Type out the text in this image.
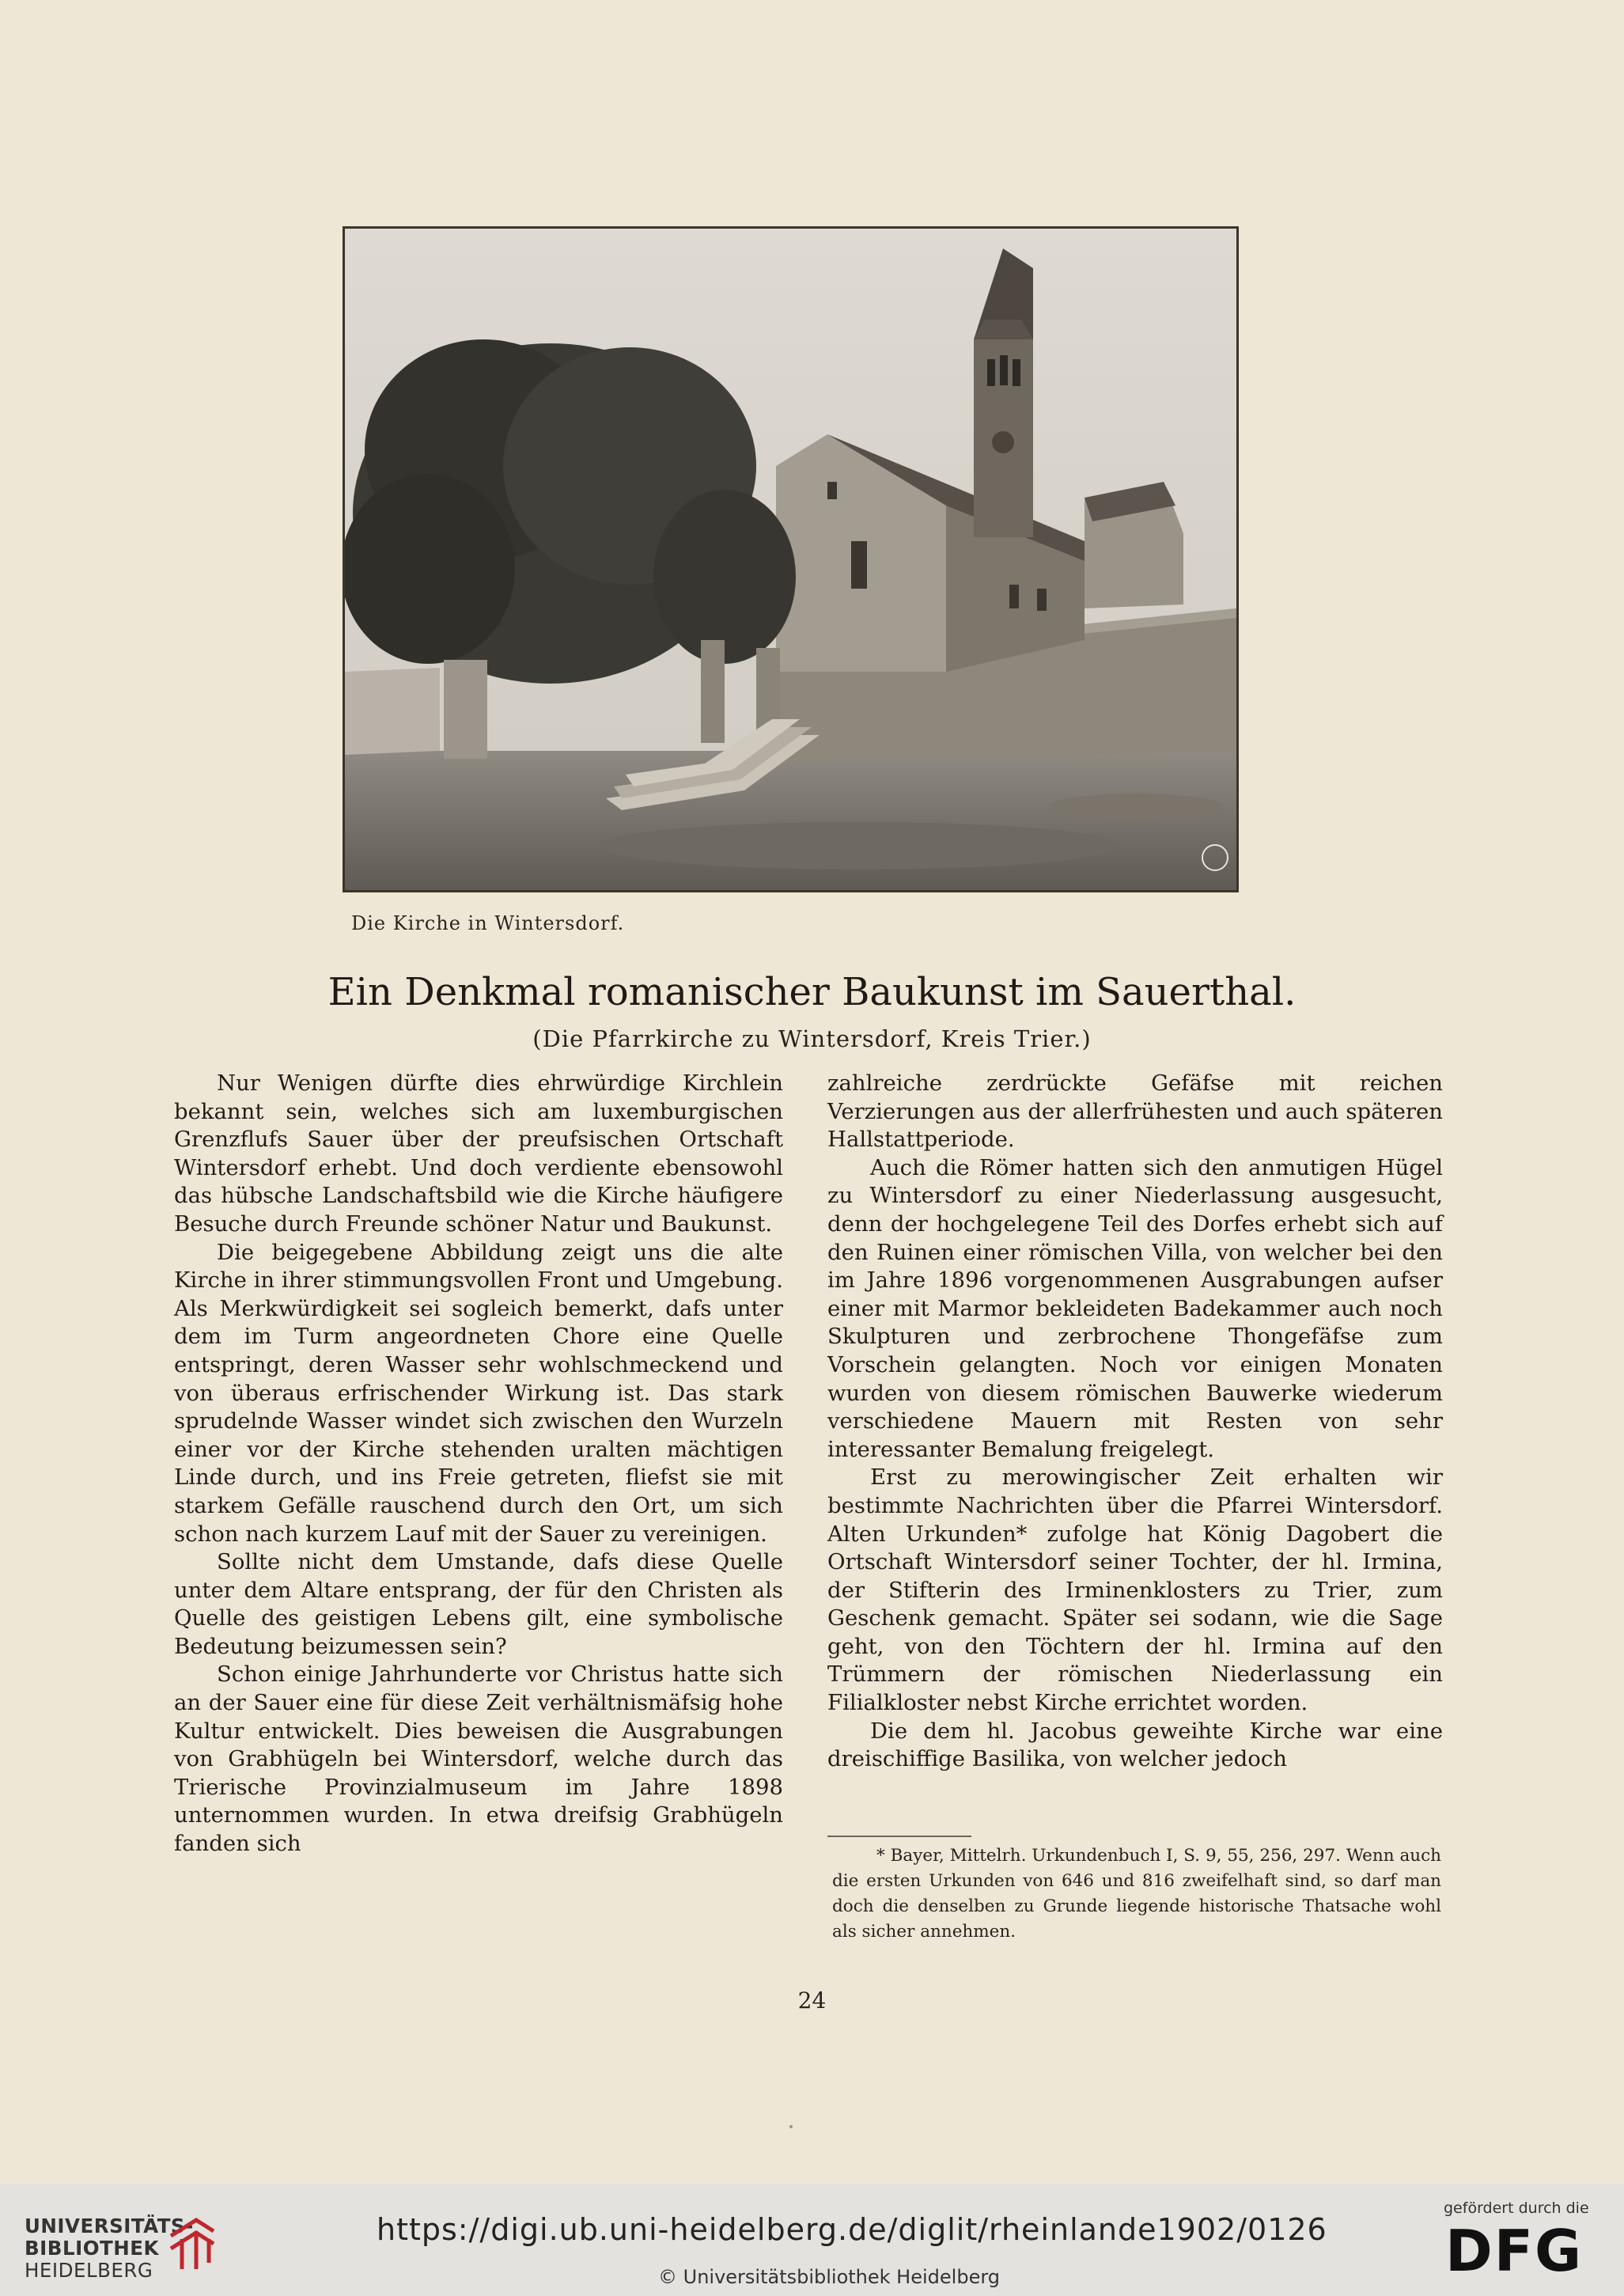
Die Kirche in Wintersdorf.
Ein Denkmal romanischer Baukunst im Sauerthal.
(Die Pfarrkirche zu Wintersdorf, Kreis Trier.)

Nur Wenigen dürfte dies ehrwürdige Kirchlein bekannt sein, welches sich am luxemburgischen Grenzflufs Sauer über der preufsischen Ortschaft Wintersdorf erhebt. Und doch verdiente ebensowohl das hübsche Landschaftsbild wie die Kirche häufigere Besuche durch Freunde schöner Natur und Baukunst.

Die beigegebene Abbildung zeigt uns die alte Kirche in ihrer stimmungsvollen Front und Umgebung. Als Merkwürdigkeit sei sogleich bemerkt, dafs unter dem im Turm angeordneten Chore eine Quelle entspringt, deren Wasser sehr wohlschmeckend und von überaus erfrischender Wirkung ist. Das stark sprudelnde Wasser windet sich zwischen den Wurzeln einer vor der Kirche stehenden uralten mächtigen Linde durch, und ins Freie getreten, fliefst sie mit starkem Gefälle rauschend durch den Ort, um sich schon nach kurzem Lauf mit der Sauer zu vereinigen.

Sollte nicht dem Umstande, dafs diese Quelle unter dem Altare entsprang, der für den Christen als Quelle des geistigen Lebens gilt, eine symbolische Bedeutung beizumessen sein?

Schon einige Jahrhunderte vor Christus hatte sich an der Sauer eine für diese Zeit verhältnismäfsig hohe Kultur entwickelt. Dies beweisen die Ausgrabungen von Grabhügeln bei Wintersdorf, welche durch das Trierische Provinzialmuseum im Jahre 1898 unternommen wurden. In etwa dreifsig Grabhügeln fanden sich

zahlreiche zerdrückte Gefäfse mit reichen Verzierungen aus der allerfrühesten und auch späteren Hallstattperiode.

Auch die Römer hatten sich den anmutigen Hügel zu Wintersdorf zu einer Niederlassung ausgesucht, denn der hochgelegene Teil des Dorfes erhebt sich auf den Ruinen einer römischen Villa, von welcher bei den im Jahre 1896 vorgenommenen Ausgrabungen aufser einer mit Marmor bekleideten Badekammer auch noch Skulpturen und zerbrochene Thongefäfse zum Vorschein gelangten. Noch vor einigen Monaten wurden von diesem römischen Bauwerke wiederum verschiedene Mauern mit Resten von sehr interessanter Bemalung freigelegt.

Erst zu merowingischer Zeit erhalten wir bestimmte Nachrichten über die Pfarrei Wintersdorf. Alten Urkunden* zufolge hat König Dagobert die Ortschaft Wintersdorf seiner Tochter, der hl. Irmina, der Stifterin des Irminenklosters zu Trier, zum Geschenk gemacht. Später sei sodann, wie die Sage geht, von den Töchtern der hl. Irmina auf den Trümmern der römischen Niederlassung ein Filialkloster nebst Kirche errichtet worden.

Die dem hl. Jacobus geweihte Kirche war eine dreischiffige Basilika, von welcher jedoch

* Bayer, Mittelrh. Urkundenbuch I, S. 9, 55, 256, 297. Wenn auch die ersten Urkunden von 646 und 816 zweifelhaft sind, so darf man doch die denselben zu Grunde liegende historische Thatsache wohl als sicher annehmen.

24
UNIVERSITÄTS-
BIBLIOTHEK
HEIDELBERG
https://digi.ub.uni-heidelberg.de/diglit/rheinlande1902/0126
© Universitätsbibliothek Heidelberg
gefördert durch die
DFG
